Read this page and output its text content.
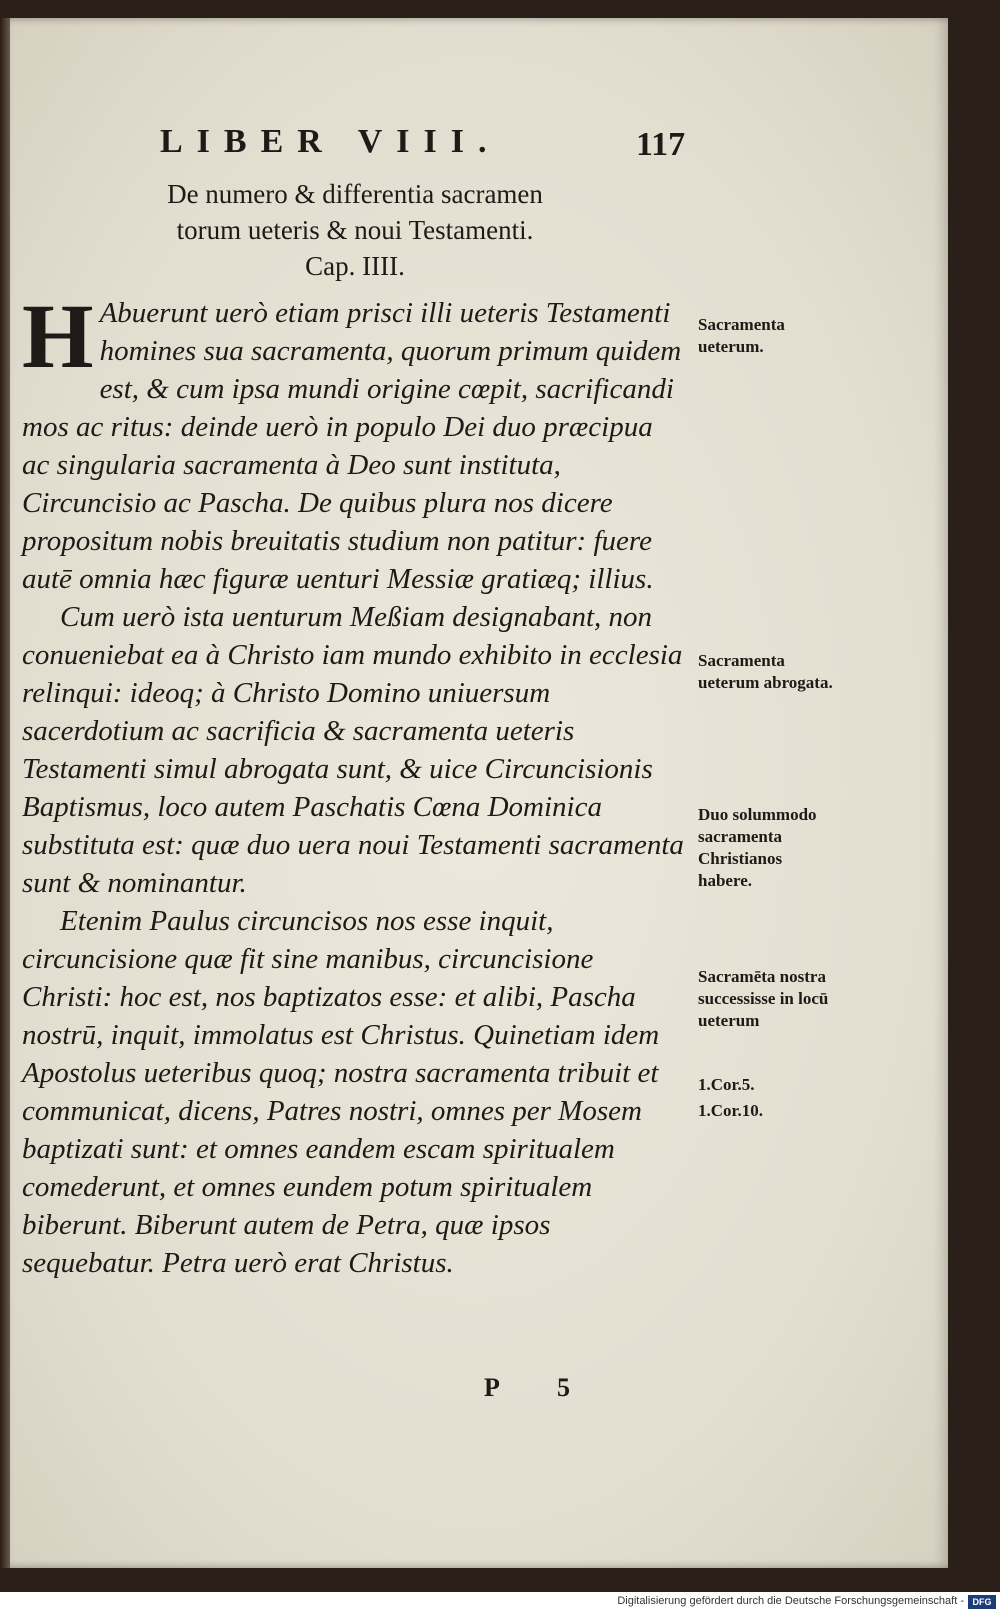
LIBER VIII.	117
De numero & differentia sacramen
torum ueteris & noui Testamenti.
Cap. IIII.

H Abuerunt uerò etiam prisci illi ueteris Testamenti homines sua sacramenta, quorum primum quidem est, & cum ipsa mundi origine cœpit, sacrificandi mos ac ritus: deinde uerò in populo Dei duo præcipua ac singularia sacramenta à Deo sunt instituta, Circuncisio ac Pascha. De quibus plura nos dicere propositum nobis breuitatis studium non patitur: fuere autē omnia hæc figuræ uenturi Messiæ gratiæq; illius.

Cum uerò ista uenturum Meßiam designabant, non conueniebat ea à Christo iam mundo exhibito in ecclesia relinqui: ideoq; à Christo Domino uniuersum sacerdotium ac sacrificia & sacramenta ueteris Testamenti simul abrogata sunt, & uice Circuncisionis Baptismus, loco autem Paschatis Cœna Dominica substituta est: quæ duo uera noui Testamenti sacramenta sunt & nominantur.

Etenim Paulus circuncisos nos esse inquit, circuncisione quæ fit sine manibus, circuncisione Christi: hoc est, nos baptizatos esse: et alibi, Pascha nostrū, inquit, immolatus est Christus. Quinetiam idem Apostolus ueteribus quoq; nostra sacramenta tribuit et communicat, dicens, Patres nostri, omnes per Mosem baptizati sunt: et omnes eandem escam spiritualem comederunt, et omnes eundem potum spiritualem biberunt. Biberunt autem de Petra, quæ ipsos sequebatur. Petra uerò erat Christus.

Sacramenta ueterum.
Sacramenta ueterum abrogata.
Duo solummodo sacramenta Christianos habere.
Sacramēta nostra successisse in locū ueterum
1.Cor.5.
1.Cor.10.
P 5
Digitalisierung gefördert durch die Deutsche Forschungsgemeinschaft - DFG
